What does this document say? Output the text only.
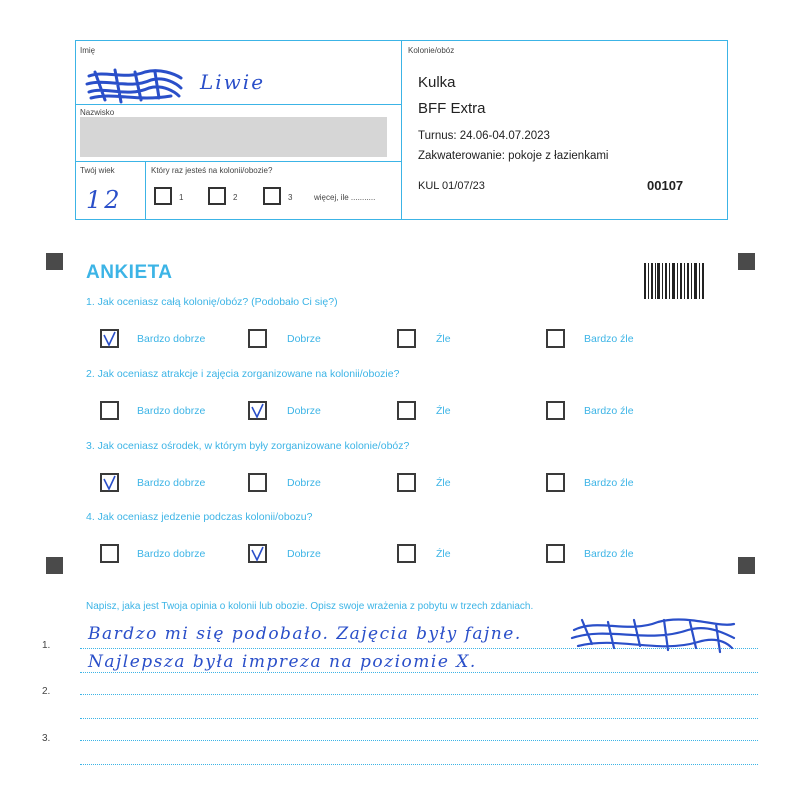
Imię
Liwie
Nazwisko
Twój wiek
12
Który raz jesteś na kolonii/obozie?
1	2	3	więcej, ile ...........
Kolonie/obóz
Kulka
BFF Extra
Turnus: 24.06-04.07.2023
Zakwaterowanie: pokoje z łazienkami
KUL 01/07/23	00107
ANKIETA
1. Jak oceniasz całą kolonię/obóz? (Podobało Ci się?)
Bardzo dobrze	Dobrze	Źle	Bardzo źle
2. Jak oceniasz atrakcje i zajęcia zorganizowane na kolonii/obozie?
Bardzo dobrze	Dobrze	Źle	Bardzo źle
3. Jak oceniasz ośrodek, w którym były zorganizowane kolonie/obóz?
Bardzo dobrze	Dobrze	Źle	Bardzo źle
4. Jak oceniasz jedzenie podczas kolonii/obozu?
Bardzo dobrze	Dobrze	Źle	Bardzo źle
Napisz, jaka jest Twoja opinia o kolonii lub obozie. Opisz swoje wrażenia z pobytu w trzech zdaniach.
1.
2.
3.
Bardzo mi się podobało. Zajęcia były fajne.
Najlepsza była impreza na poziomie X.
